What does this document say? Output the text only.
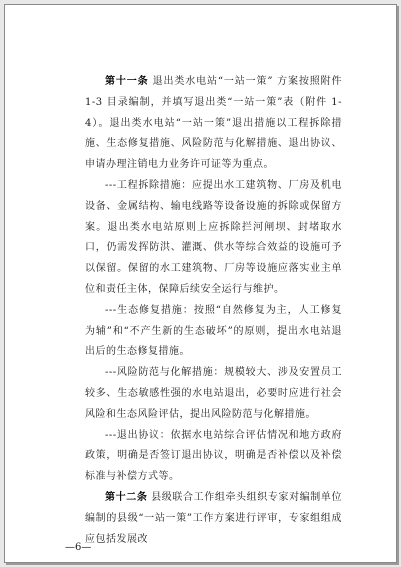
第十一条 退出类水电站“一站一策” 方案按照附件 1-3 目录编制，并填写退出类“一站一策”表（附件 1-4）。退出类水电站“一站一策”退出措施以工程拆除措施、生态修复措施、风险防范与化解措施、退出协议、申请办理注销电力业务许可证等为重点。

---工程拆除措施：应提出水工建筑物、厂房及机电设备、金属结构、输电线路等设备设施的拆除或保留方案。退出类水电站原则上应拆除拦河闸坝、封堵取水口，仍需发挥防洪、灌溉、供水等综合效益的设施可予以保留。保留的水工建筑物、厂房等设施应落实业主单位和责任主体，保障后续安全运行与维护。

---生态修复措施：按照“自然修复为主，人工修复为辅”和“不产生新的生态破坏”的原则，提出水电站退出后的生态修复措施。

---风险防范与化解措施：规模较大、涉及安置员工较多、生态敏感性强的水电站退出，必要时应进行社会风险和生态风险评估，提出风险防范与化解措施。

---退出协议：依据水电站综合评估情况和地方政府政策，明确是否签订退出协议，明确是否补偿以及补偿标准与补偿方式等。

第十二条 县级联合工作组牵头组织专家对编制单位编制的县级“一站一策”工作方案进行评审，专家组组成应包括发展改

—6—
